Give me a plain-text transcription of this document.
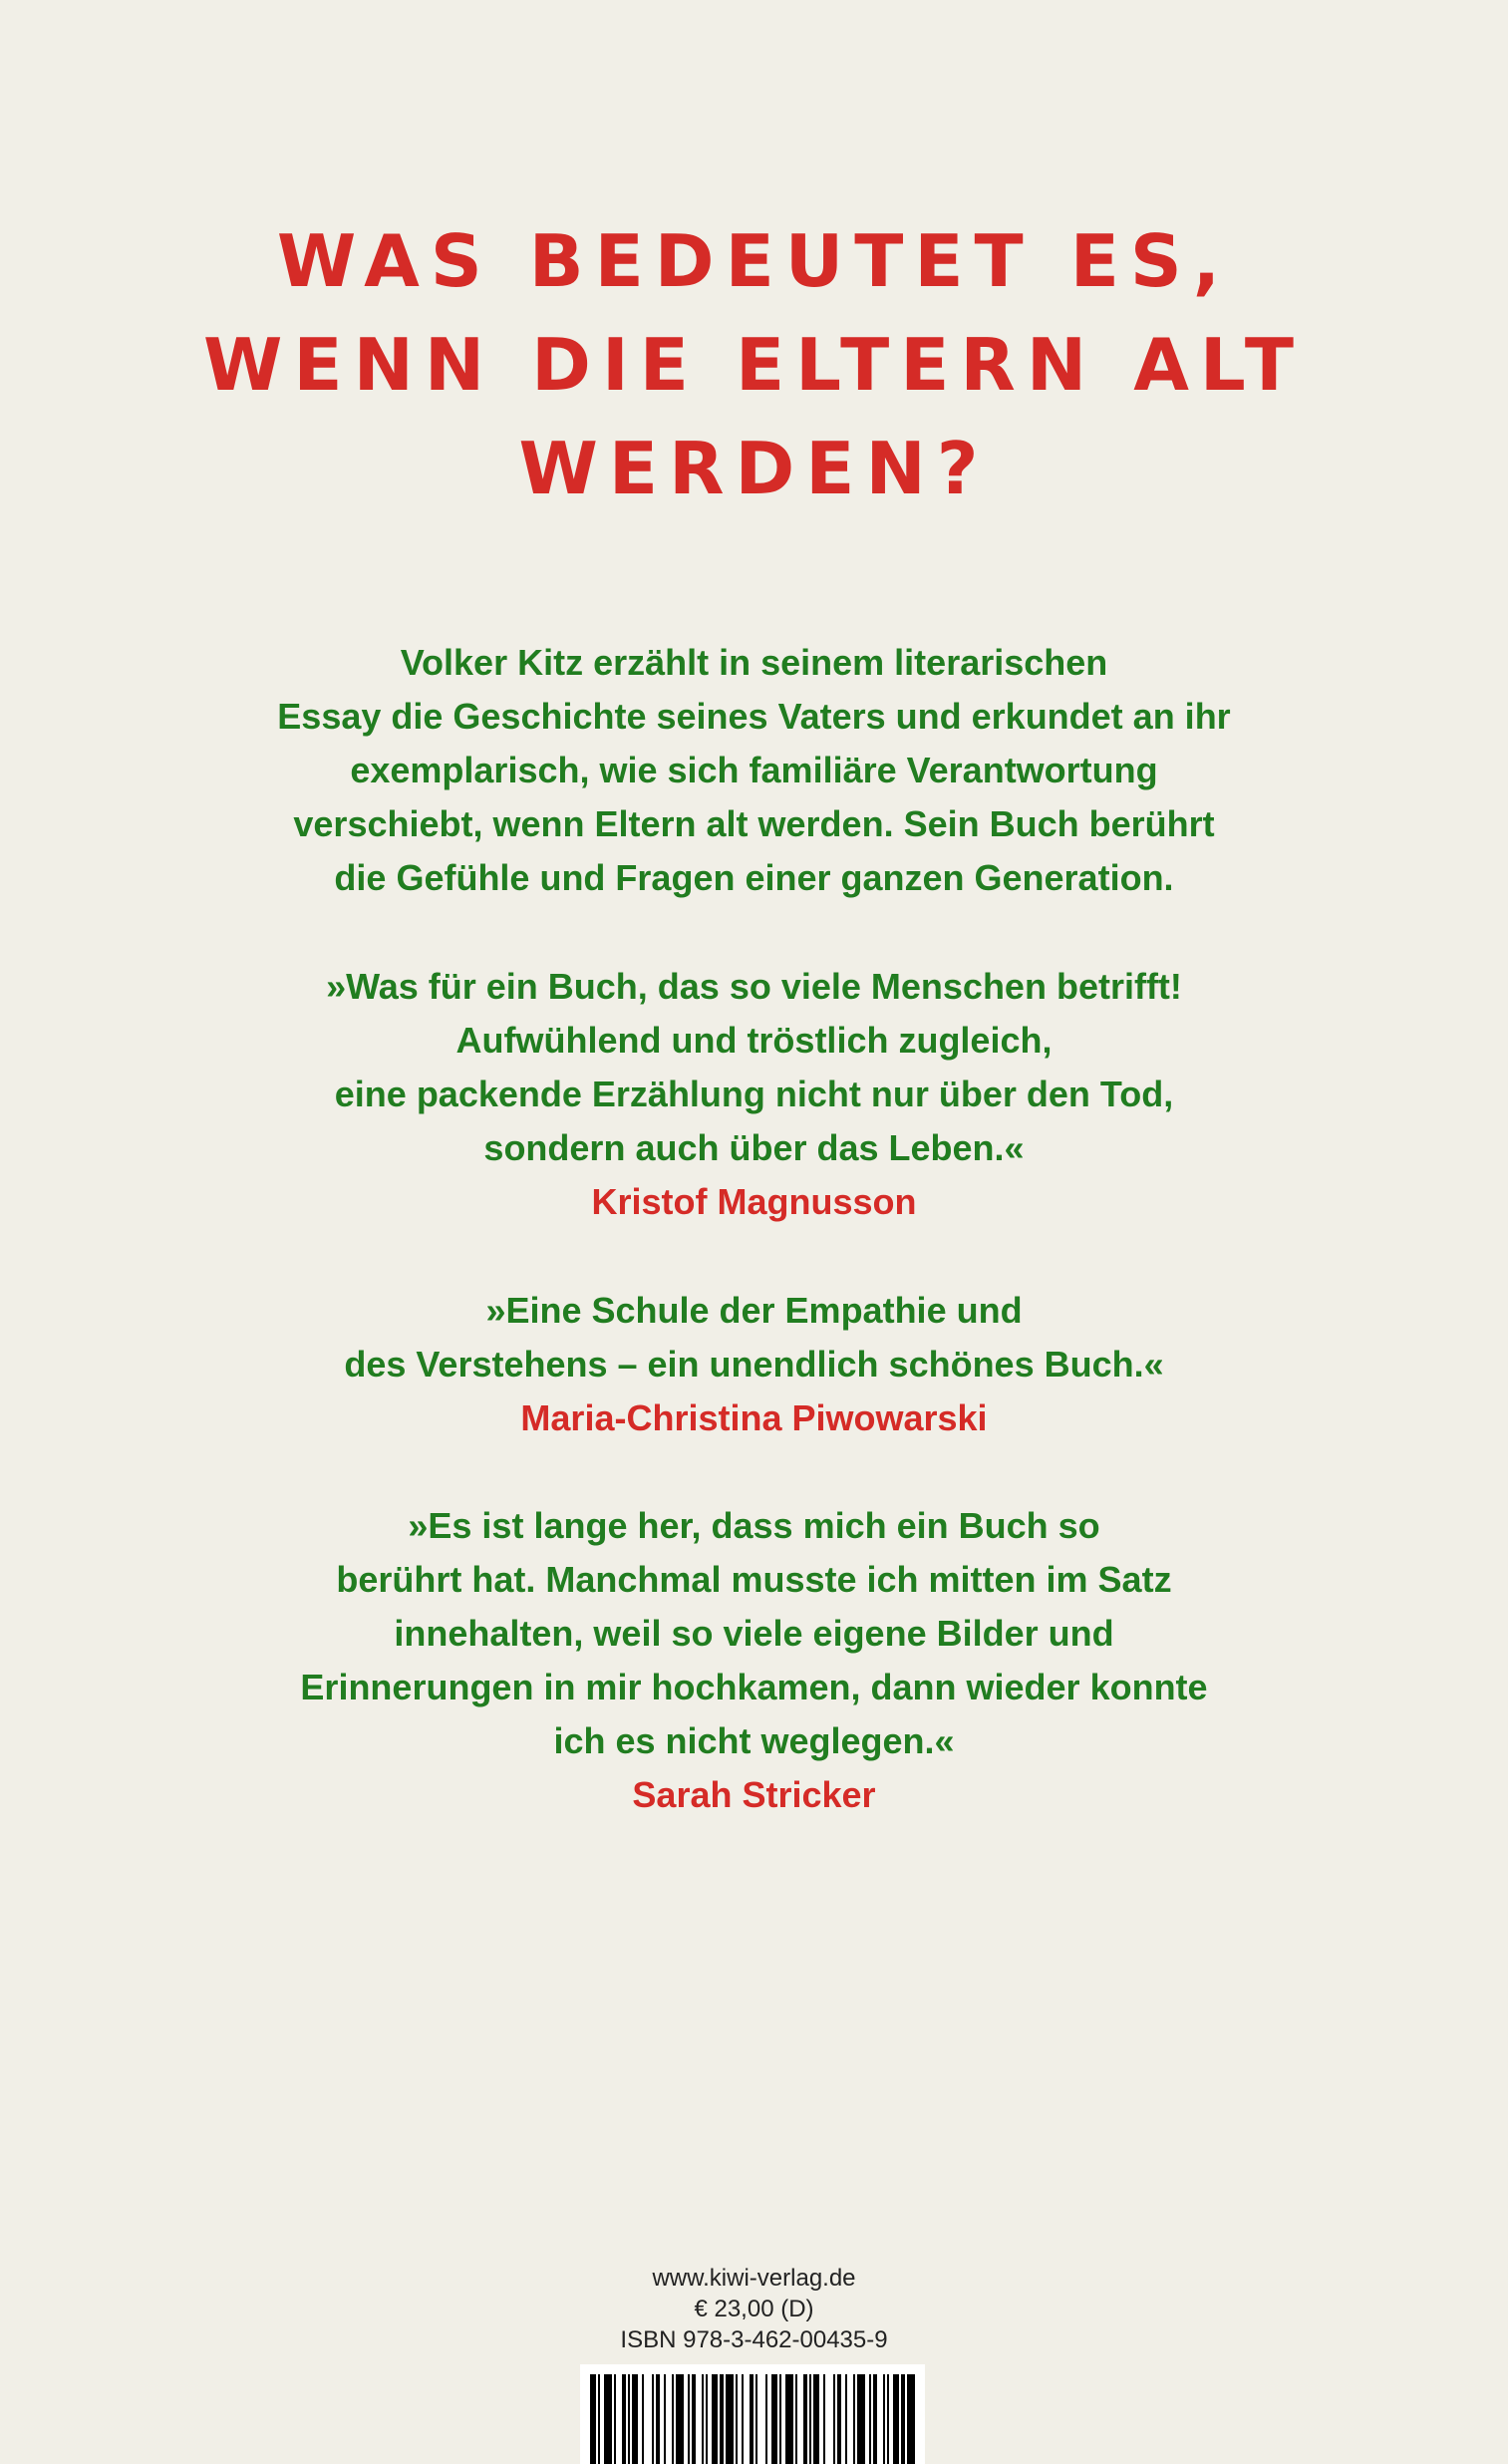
WAS BEDEUTET ES,
WENN DIE ELTERN ALT
WERDEN?
Volker Kitz erzählt in seinem literarischen
Essay die Geschichte seines Vaters und erkundet an ihr
exemplarisch, wie sich familiäre Verantwortung
verschiebt, wenn Eltern alt werden. Sein Buch berührt
die Gefühle und Fragen einer ganzen Generation.
»Was für ein Buch, das so viele Menschen betrifft!
Aufwühlend und tröstlich zugleich,
eine packende Erzählung nicht nur über den Tod,
sondern auch über das Leben.«
Kristof Magnusson
»Eine Schule der Empathie und
des Verstehens – ein unendlich schönes Buch.«
Maria-Christina Piwowarski
»Es ist lange her, dass mich ein Buch so
berührt hat. Manchmal musste ich mitten im Satz
innehalten, weil so viele eigene Bilder und
Erinnerungen in mir hochkamen, dann wieder konnte
ich es nicht weglegen.«
Sarah Stricker
www.kiwi-verlag.de
€ 23,00 (D)
ISBN 978-3-462-00435-9
